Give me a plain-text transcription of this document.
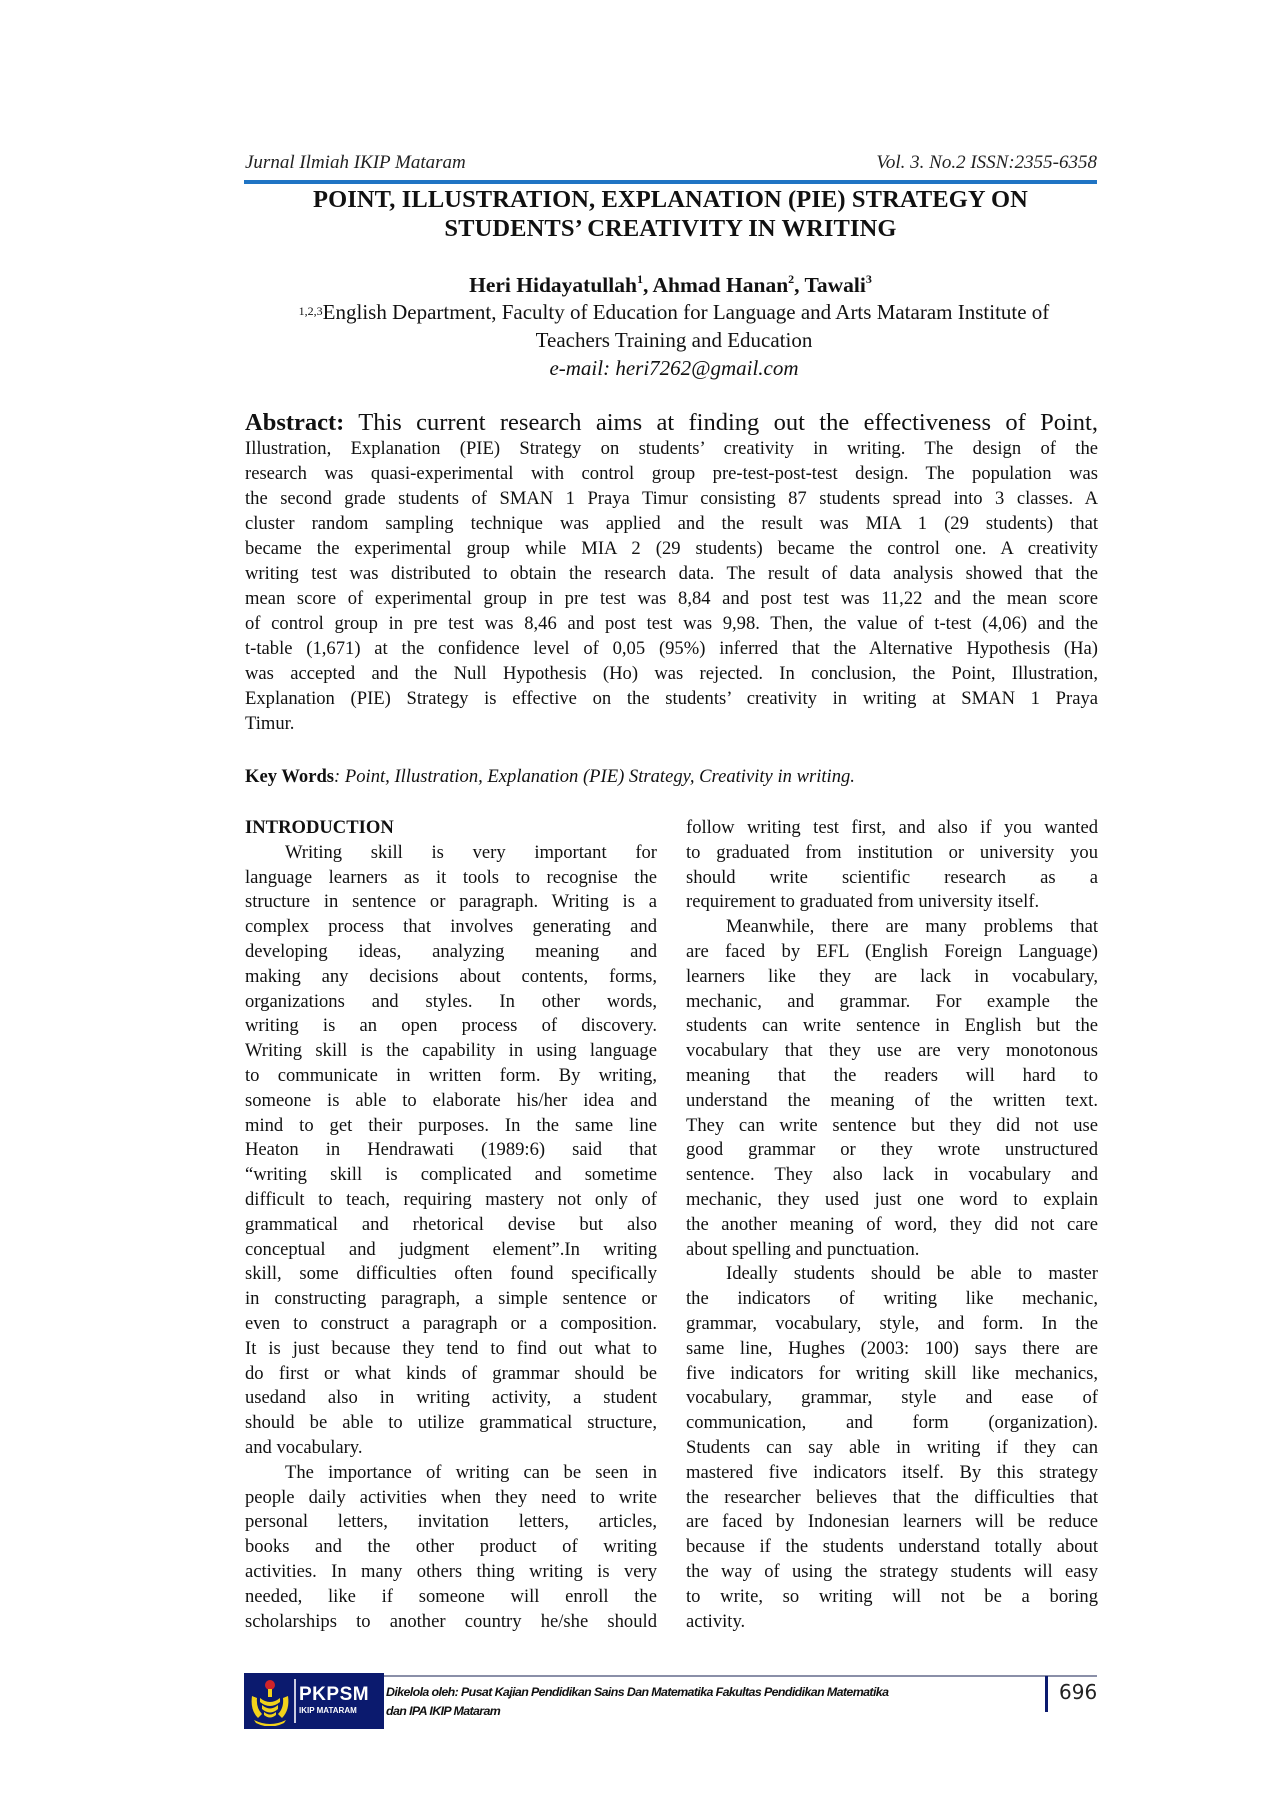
Jurnal Ilmiah IKIP Mataram	Vol. 3. No.2 ISSN:2355-6358
POINT, ILLUSTRATION, EXPLANATION (PIE) STRATEGY ON
STUDENTS’ CREATIVITY IN WRITING
Heri Hidayatullah$^1$, Ahmad Hanan$^2$, Tawali$^3$
$^{1,2,3}$English Department, Faculty of Education for Language and Arts Mataram Institute of
Teachers Training and Education
e-mail: heri7262@gmail.com
Abstract: This current research aims at finding out the effectiveness of Point,
Illustration, Explanation (PIE) Strategy on students’ creativity in writing. The design of the
research was quasi-experimental with control group pre-test-post-test design. The population was
the second grade students of SMAN 1 Praya Timur consisting 87 students spread into 3 classes. A
cluster random sampling technique was applied and the result was MIA 1 (29 students) that
became the experimental group while MIA 2 (29 students) became the control one. A creativity
writing test was distributed to obtain the research data. The result of data analysis showed that the
mean score of experimental group in pre test was 8,84 and post test was 11,22 and the mean score
of control group in pre test was 8,46 and post test was 9,98. Then, the value of t-test (4,06) and the
t-table (1,671) at the confidence level of 0,05 (95%) inferred that the Alternative Hypothesis (Ha)
was accepted and the Null Hypothesis (Ho) was rejected. In conclusion, the Point, Illustration,
Explanation (PIE) Strategy is effective on the students’ creativity in writing at SMAN 1 Praya
Timur.
Key Words: Point, Illustration, Explanation (PIE) Strategy, Creativity in writing.
INTRODUCTION
Writing skill is very important for
language learners as it tools to recognise the
structure in sentence or paragraph. Writing is a
complex process that involves generating and
developing ideas, analyzing meaning and
making any decisions about contents, forms,
organizations and styles. In other words,
writing is an open process of discovery.
Writing skill is the capability in using language
to communicate in written form. By writing,
someone is able to elaborate his/her idea and
mind to get their purposes. In the same line
Heaton in Hendrawati (1989:6) said that
“writing skill is complicated and sometime
difficult to teach, requiring mastery not only of
grammatical and rhetorical devise but also
conceptual and judgment element”.In writing
skill, some difficulties often found specifically
in constructing paragraph, a simple sentence or
even to construct a paragraph or a composition.
It is just because they tend to find out what to
do first or what kinds of grammar should be
usedand also in writing activity, a student
should be able to utilize grammatical structure,
and vocabulary.
The importance of writing can be seen in
people daily activities when they need to write
personal letters, invitation letters, articles,
books and the other product of writing
activities. In many others thing writing is very
needed, like if someone will enroll the
scholarships to another country he/she should
follow writing test first, and also if you wanted
to graduated from institution or university you
should write scientific research as a
requirement to graduated from university itself.
Meanwhile, there are many problems that
are faced by EFL (English Foreign Language)
learners like they are lack in vocabulary,
mechanic, and grammar. For example the
students can write sentence in English but the
vocabulary that they use are very monotonous
meaning that the readers will hard to
understand the meaning of the written text.
They can write sentence but they did not use
good grammar or they wrote unstructured
sentence. They also lack in vocabulary and
mechanic, they used just one word to explain
the another meaning of word, they did not care
about spelling and punctuation.
Ideally students should be able to master
the indicators of writing like mechanic,
grammar, vocabulary, style, and form. In the
same line, Hughes (2003: 100) says there are
five indicators for writing skill like mechanics,
vocabulary, grammar, style and ease of
communication, and form (organization).
Students can say able in writing if they can
mastered five indicators itself. By this strategy
the researcher believes that the difficulties that
are faced by Indonesian learners will be reduce
because if the students understand totally about
the way of using the strategy students will easy
to write, so writing will not be a boring
activity.
PKPSM
IKIP MATARAM
Dikelola oleh: Pusat Kajian Pendidikan Sains Dan Matematika Fakultas Pendidikan Matematika
dan IPA IKIP Mataram
696
